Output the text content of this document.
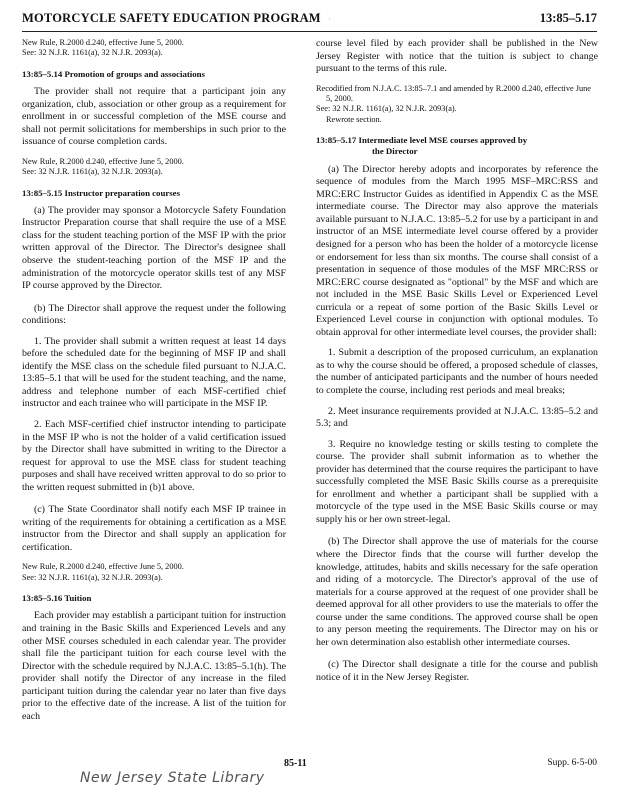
MOTORCYCLE SAFETY EDUCATION PROGRAM	13:85–5.17
'

New Rule, R.2000 d.240, effective June 5, 2000.

See: 32 N.J.R. 1161(a), 32 N.J.R. 2093(a).

13:85–5.14 Promotion of groups and associations

The provider shall not require that a participant join any organization, club, association or other group as a requirement for enrollment in or successful completion of the MSE course and shall not permit solicitations for memberships in such prior to the issuance of course completion cards.

New Rule, R.2000 d.240, effective June 5, 2000.

See: 32 N.J.R. 1161(a), 32 N.J.R. 2093(a).

13:85–5.15 Instructor preparation courses

(a) The provider may sponsor a Motorcycle Safety Foundation Instructor Preparation course that shall require the use of a MSE class for the student teaching portion of the MSF IP with the prior written approval of the Director. The Director's designee shall observe the student-teaching portion of the MSF IP and the administration of the motorcycle operator skills test of any MSF IP course approved by the Director.

(b) The Director shall approve the request under the following conditions:

1. The provider shall submit a written request at least 14 days before the scheduled date for the beginning of MSF IP and shall identify the MSE class on the schedule filed pursuant to N.J.A.C. 13:85–5.1 that will be used for the student teaching, and the name, address and telephone number of each MSF-certified chief instructor and each trainee who will participate in the MSF IP.

2. Each MSF-certified chief instructor intending to participate in the MSF IP who is not the holder of a valid certification issued by the Director shall have submitted in writing to the Director a request for approval to use the MSE class for student teaching purposes and shall have received written approval to do so prior to the written request submitted in (b)1 above.

(c) The State Coordinator shall notify each MSF IP trainee in writing of the requirements for obtaining a certification as a MSE instructor from the Director and shall supply an application for certification.

New Rule, R.2000 d.240, effective June 5, 2000.

See: 32 N.J.R. 1161(a), 32 N.J.R. 2093(a).

13:85–5.16 Tuition

Each provider may establish a participant tuition for instruction and training in the Basic Skills and Experienced Levels and any other MSE courses scheduled in each calendar year. The provider shall file the participant tuition for each course level with the Director with the schedule required by N.J.A.C. 13:85–5.1(h). The provider shall notify the Director of any increase in the filed participant tuition during the calendar year no later than five days prior to the effective date of the increase. A list of the tuition for each

course level filed by each provider shall be published in the New Jersey Register with notice that the tuition is subject to change pursuant to the terms of this rule.

Recodified from N.J.A.C. 13:85–7.1 and amended by R.2000 d.240, effective June 5, 2000.

See: 32 N.J.R. 1161(a), 32 N.J.R. 2093(a).

Rewrote section.

13:85–5.17 Intermediate level MSE courses approved by

the Director

(a) The Director hereby adopts and incorporates by reference the sequence of modules from the March 1995 MSF–MRC:RSS and MRC:ERC Instructor Guides as identified in Appendix C as the MSE intermediate course. The Director may also approve the materials available pursuant to N.J.A.C. 13:85–5.2 for use by a participant in and instructor of an MSE intermediate level course offered by a provider designed for a person who has been the holder of a motorcycle license or endorsement for less than six months. The course shall consist of a presentation in sequence of those modules of the MSF MRC:RSS or MRC:ERC course designated as "optional" by the MSF and which are not included in the MSE Basic Skills Level or Experienced Level curricula or a repeat of some portion of the Basic Skills Level or Experienced Level course in conjunction with optional modules. To obtain approval for other intermediate level courses, the provider shall:

1. Submit a description of the proposed curriculum, an explanation as to why the course should be offered, a proposed schedule of classes, the number of anticipated participants and the number of hours needed to complete the course, including rest periods and meal breaks;

2. Meet insurance requirements provided at N.J.A.C. 13:85–5.2 and 5.3; and

3. Require no knowledge testing or skills testing to complete the course. The provider shall submit information as to whether the provider has determined that the course requires the participant to have successfully completed the MSE Basic Skills course as a prerequisite for enrollment and whether a participant shall be supplied with a motorcycle of the type used in the MSE Basic Skills course or may supply his or her own street-legal.

(b) The Director shall approve the use of materials for the course where the Director finds that the course will further develop the knowledge, attitudes, habits and skills necessary for the safe operation and riding of a motorcycle. The Director's approval of the use of materials for a course approved at the request of one provider shall be deemed approval for all other providers to use the materials to offer the course under the same conditions. The approved course shall be open to any person meeting the requirements. The Director may on his or her own determination also establish other intermediate courses.

(c) The Director shall designate a title for the course and publish notice of it in the New Jersey Register.

New Jersey State Library
85-11	Supp. 6-5-00
